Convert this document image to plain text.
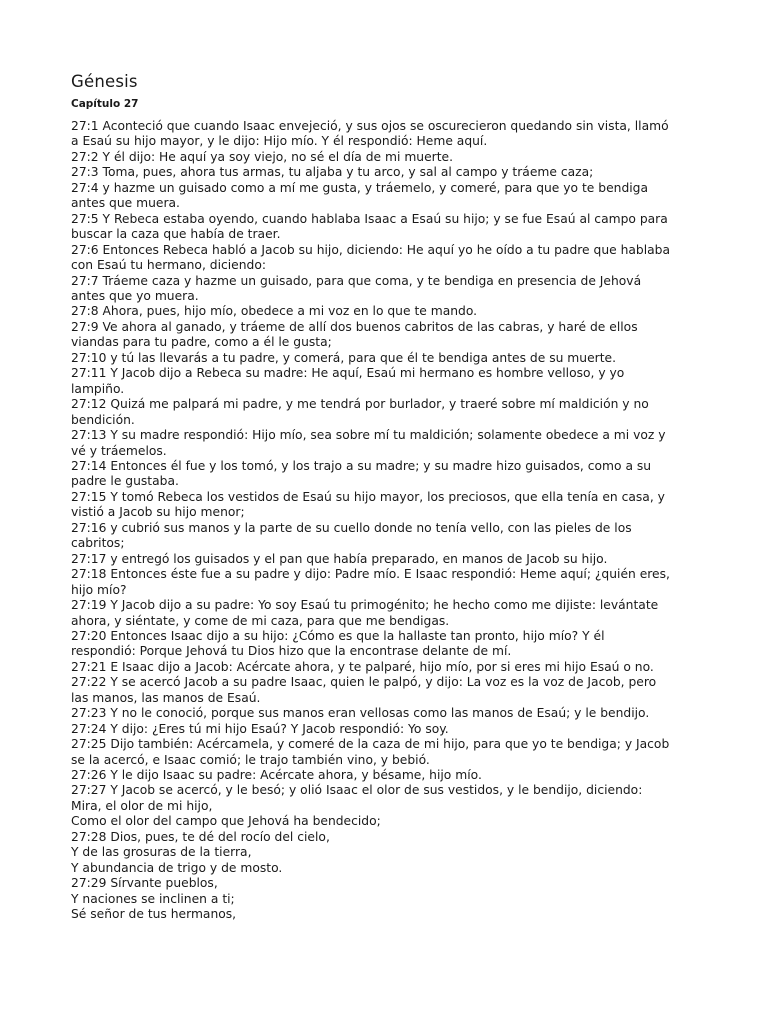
Génesis
Capítulo 27
27:1 Aconteció que cuando Isaac envejeció, y sus ojos se oscurecieron quedando sin vista, llamó
a Esaú su hijo mayor, y le dijo: Hijo mío. Y él respondió: Heme aquí.
27:2 Y él dijo: He aquí ya soy viejo, no sé el día de mi muerte.
27:3 Toma, pues, ahora tus armas, tu aljaba y tu arco, y sal al campo y tráeme caza;
27:4 y hazme un guisado como a mí me gusta, y tráemelo, y comeré, para que yo te bendiga
antes que muera.
27:5 Y Rebeca estaba oyendo, cuando hablaba Isaac a Esaú su hijo; y se fue Esaú al campo para
buscar la caza que había de traer.
27:6 Entonces Rebeca habló a Jacob su hijo, diciendo: He aquí yo he oído a tu padre que hablaba
con Esaú tu hermano, diciendo:
27:7 Tráeme caza y hazme un guisado, para que coma, y te bendiga en presencia de Jehová
antes que yo muera.
27:8 Ahora, pues, hijo mío, obedece a mi voz en lo que te mando.
27:9 Ve ahora al ganado, y tráeme de allí dos buenos cabritos de las cabras, y haré de ellos
viandas para tu padre, como a él le gusta;
27:10 y tú las llevarás a tu padre, y comerá, para que él te bendiga antes de su muerte.
27:11 Y Jacob dijo a Rebeca su madre: He aquí, Esaú mi hermano es hombre velloso, y yo
lampiño.
27:12 Quizá me palpará mi padre, y me tendrá por burlador, y traeré sobre mí maldición y no
bendición.
27:13 Y su madre respondió: Hijo mío, sea sobre mí tu maldición; solamente obedece a mi voz y
vé y tráemelos.
27:14 Entonces él fue y los tomó, y los trajo a su madre; y su madre hizo guisados, como a su
padre le gustaba.
27:15 Y tomó Rebeca los vestidos de Esaú su hijo mayor, los preciosos, que ella tenía en casa, y
vistió a Jacob su hijo menor;
27:16 y cubrió sus manos y la parte de su cuello donde no tenía vello, con las pieles de los
cabritos;
27:17 y entregó los guisados y el pan que había preparado, en manos de Jacob su hijo.
27:18 Entonces éste fue a su padre y dijo: Padre mío. E Isaac respondió: Heme aquí; ¿quién eres,
hijo mío?
27:19 Y Jacob dijo a su padre: Yo soy Esaú tu primogénito; he hecho como me dijiste: levántate
ahora, y siéntate, y come de mi caza, para que me bendigas.
27:20 Entonces Isaac dijo a su hijo: ¿Cómo es que la hallaste tan pronto, hijo mío? Y él
respondió: Porque Jehová tu Dios hizo que la encontrase delante de mí.
27:21 E Isaac dijo a Jacob: Acércate ahora, y te palparé, hijo mío, por si eres mi hijo Esaú o no.
27:22 Y se acercó Jacob a su padre Isaac, quien le palpó, y dijo: La voz es la voz de Jacob, pero
las manos, las manos de Esaú.
27:23 Y no le conoció, porque sus manos eran vellosas como las manos de Esaú; y le bendijo.
27:24 Y dijo: ¿Eres tú mi hijo Esaú? Y Jacob respondió: Yo soy.
27:25 Dijo también: Acércamela, y comeré de la caza de mi hijo, para que yo te bendiga; y Jacob
se la acercó, e Isaac comió; le trajo también vino, y bebió.
27:26 Y le dijo Isaac su padre: Acércate ahora, y bésame, hijo mío.
27:27 Y Jacob se acercó, y le besó; y olió Isaac el olor de sus vestidos, y le bendijo, diciendo:
Mira, el olor de mi hijo,
Como el olor del campo que Jehová ha bendecido;
27:28 Dios, pues, te dé del rocío del cielo,
Y de las grosuras de la tierra,
Y abundancia de trigo y de mosto.
27:29 Sírvante pueblos,
Y naciones se inclinen a ti;
Sé señor de tus hermanos,
